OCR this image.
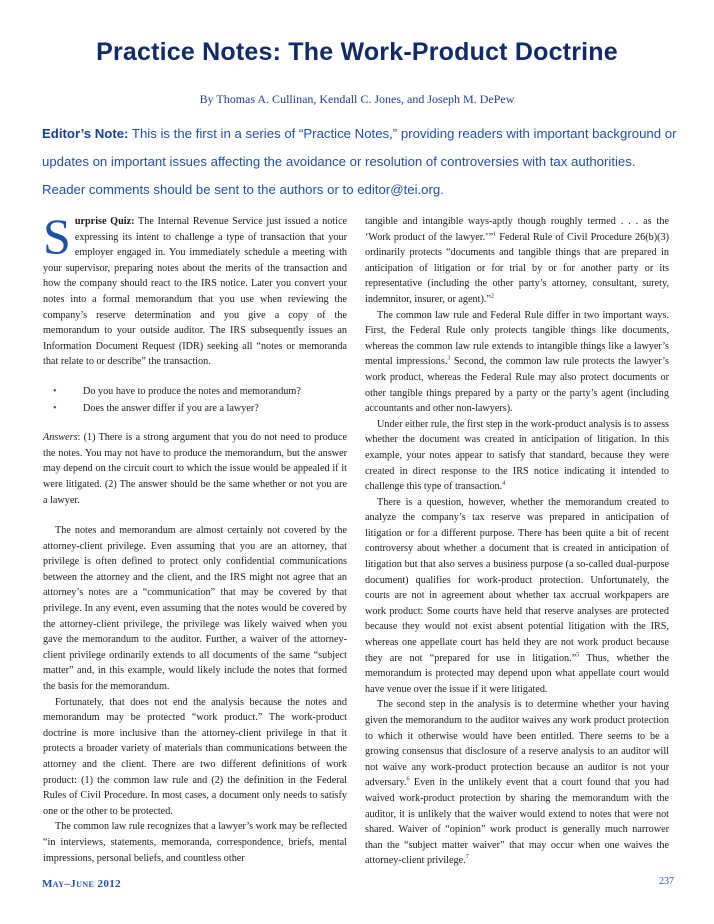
Practice Notes: The Work-Product Doctrine
By Thomas A. Cullinan, Kendall C. Jones, and Joseph M. DePew
Editor’s Note: This is the first in a series of “Practice Notes,” providing readers with important background or updates on important issues affecting the avoidance or resolution of controversies with tax authorities. Reader comments should be sent to the authors or to editor@tei.org.

Surprise Quiz: The Internal Revenue Service just issued a notice expressing its intent to challenge a type of transaction that your employer engaged in. You immediately schedule a meeting with your supervisor, preparing notes about the merits of the transaction and how the company should react to the IRS notice. Later you convert your notes into a formal memorandum that you use when reviewing the company’s reserve determination and you give a copy of the memorandum to your outside auditor. The IRS subsequently issues an Information Document Request (IDR) seeking all “notes or memoranda that relate to or describe” the transaction.

•	Do you have to produce the notes and memorandum?
•	Does the answer differ if you are a lawyer?

Answers: (1) There is a strong argument that you do not need to produce the notes. You may not have to produce the memorandum, but the answer may depend on the circuit court to which the issue would be appealed if it were litigated. (2) The answer should be the same whether or not you are a lawyer.

The notes and memorandum are almost certainly not covered by the attorney-client privilege. Even assuming that you are an attorney, that privilege is often defined to protect only confidential communications between the attorney and the client, and the IRS might not agree that an attorney’s notes are a “communication” that may be covered by that privilege. In any event, even assuming that the notes would be covered by the attorney-client privilege, the privilege was likely waived when you gave the memorandum to the auditor. Further, a waiver of the attorney-client privilege ordinarily extends to all documents of the same “subject matter” and, in this example, would likely include the notes that formed the basis for the memorandum.

Fortunately, that does not end the analysis because the notes and memorandum may be protected “work product.” The work-product doctrine is more inclusive than the attorney-client privilege in that it protects a broader variety of materials than communications between the attorney and the client. There are two different definitions of work product: (1) the common law rule and (2) the definition in the Federal Rules of Civil Procedure. In most cases, a document only needs to satisfy one or the other to be protected.

The common law rule recognizes that a lawyer’s work may be reflected “in interviews, statements, memoranda, correspondence, briefs, mental impressions, personal beliefs, and countless other

tangible and intangible ways-aptly though roughly termed . . . as the ‘Work product of the lawyer.’”$^1$ Federal Rule of Civil Procedure 26(b)(3) ordinarily protects “documents and tangible things that are prepared in anticipation of litigation or for trial by or for another party or its representative (including the other party’s attorney, consultant, surety, indemnitor, insurer, or agent).”$^2$

The common law rule and Federal Rule differ in two important ways. First, the Federal Rule only protects tangible things like documents, whereas the common law rule extends to intangible things like a lawyer’s mental impressions.$^3$ Second, the common law rule protects the lawyer’s work product, whereas the Federal Rule may also protect documents or other tangible things prepared by a party or the party’s agent (including accountants and other non-lawyers).

Under either rule, the first step in the work-product analysis is to assess whether the document was created in anticipation of litigation. In this example, your notes appear to satisfy that standard, because they were created in direct response to the IRS notice indicating it intended to challenge this type of transaction.$^4$

There is a question, however, whether the memorandum created to analyze the company’s tax reserve was prepared in anticipation of litigation or for a different purpose. There has been quite a bit of recent controversy about whether a document that is created in anticipation of litigation but that also serves a business purpose (a so-called dual-purpose document) qualifies for work-product protection. Unfortunately, the courts are not in agreement about whether tax accrual workpapers are work product: Some courts have held that reserve analyses are protected because they would not exist absent potential litigation with the IRS, whereas one appellate court has held they are not work product because they are not “prepared for use in litigation.”$^5$ Thus, whether the memorandum is protected may depend upon what appellate court would have venue over the issue if it were litigated.

The second step in the analysis is to determine whether your having given the memorandum to the auditor waives any work product protection to which it otherwise would have been entitled. There seems to be a growing consensus that disclosure of a reserve analysis to an auditor will not waive any work-product protection because an auditor is not your adversary.$^6$ Even in the unlikely event that a court found that you had waived work-product protection by sharing the memorandum with the auditor, it is unlikely that the waiver would extend to notes that were not shared. Waiver of “opinion” work product is generally much narrower than the “subject matter waiver” that may occur when one waives the attorney-client privilege.$^7$

May–June 2012	237
